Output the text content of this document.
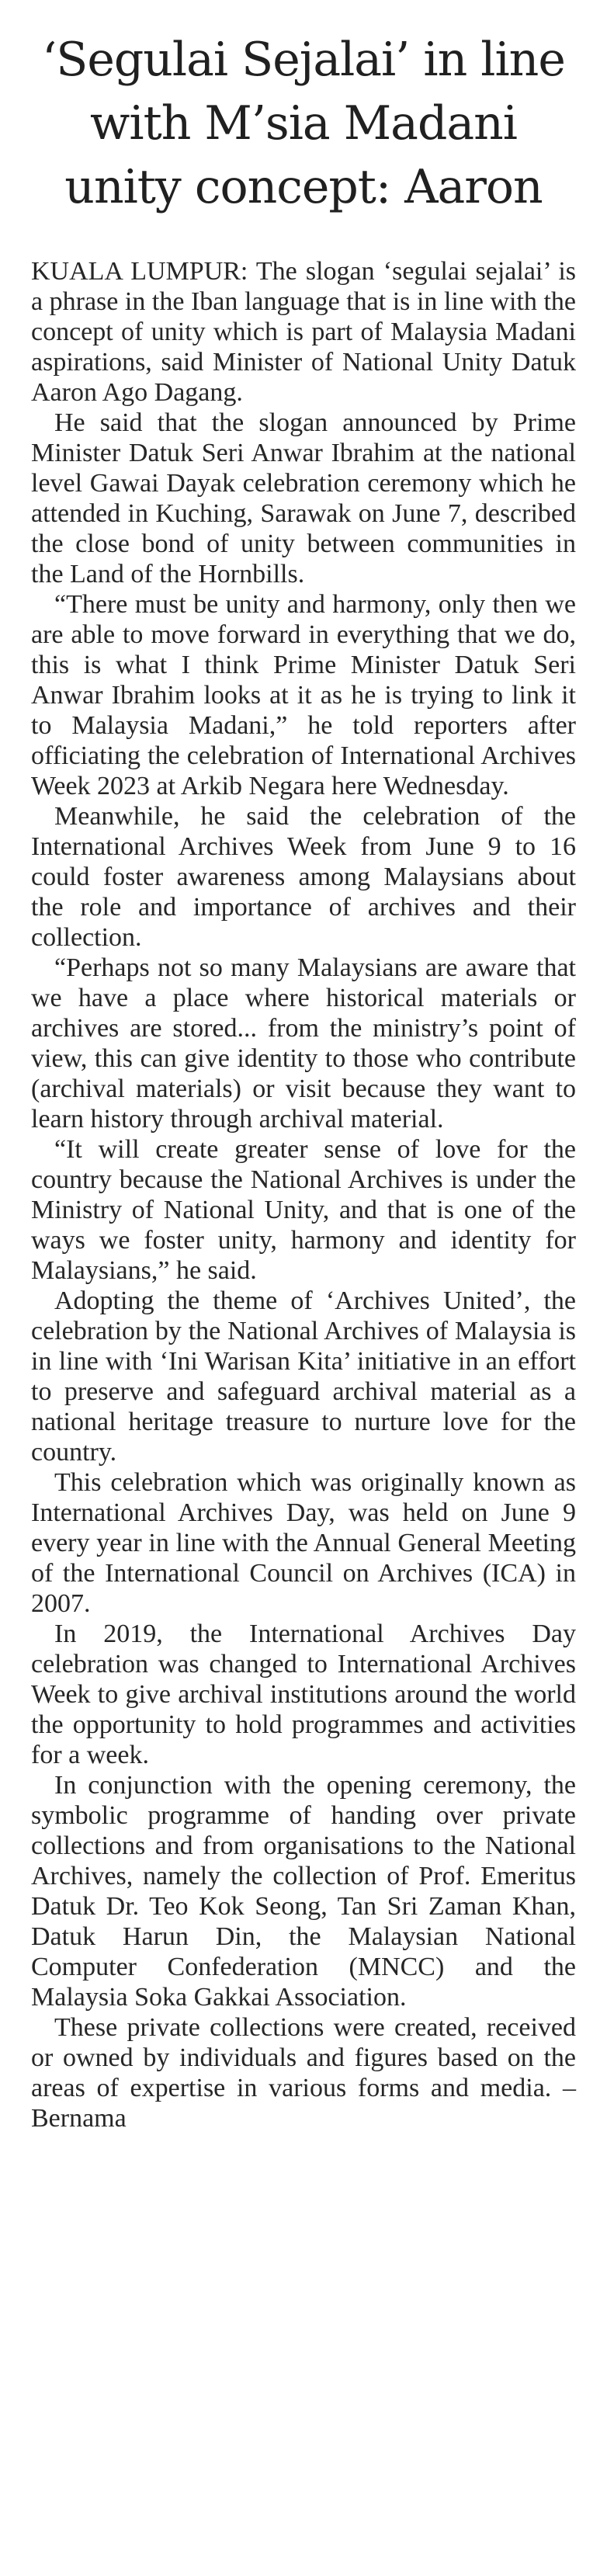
‘Segulai Sejalai’ in line with M’sia Madani unity concept: Aaron

KUALA LUMPUR: The slogan ‘segulai sejalai’ is a phrase in the Iban language that is in line with the concept of unity which is part of Malaysia Madani aspirations, said Minister of National Unity Datuk Aaron Ago Dagang.

He said that the slogan announced by Prime Minister Datuk Seri Anwar Ibrahim at the national level Gawai Dayak celebration ceremony which he attended in Kuching, Sarawak on June 7, described the close bond of unity between communities in the Land of the Hornbills.

“There must be unity and harmony, only then we are able to move forward in everything that we do, this is what I think Prime Minister Datuk Seri Anwar Ibrahim looks at it as he is trying to link it to Malaysia Madani,” he told reporters after officiating the celebration of International Archives Week 2023 at Arkib Negara here Wednesday.

Meanwhile, he said the celebration of the International Archives Week from June 9 to 16 could foster awareness among Malaysians about the role and importance of archives and their collection.

“Perhaps not so many Malaysians are aware that we have a place where historical materials or archives are stored... from the ministry’s point of view, this can give identity to those who contribute (archival materials) or visit because they want to learn history through archival material.

“It will create greater sense of love for the country because the National Archives is under the Ministry of National Unity, and that is one of the ways we foster unity, harmony and identity for Malaysians,” he said.

Adopting the theme of ‘Archives United’, the celebration by the National Archives of Malaysia is in line with ‘Ini Warisan Kita’ initiative in an effort to preserve and safeguard archival material as a national heritage treasure to nurture love for the country.

This celebration which was originally known as International Archives Day, was held on June 9 every year in line with the Annual General Meeting of the International Council on Archives (ICA) in 2007.

In 2019, the International Archives Day celebration was changed to International Archives Week to give archival institutions around the world the opportunity to hold programmes and activities for a week.

In conjunction with the opening ceremony, the symbolic programme of handing over private collections and from organisations to the National Archives, namely the collection of Prof. Emeritus Datuk Dr. Teo Kok Seong, Tan Sri Zaman Khan, Datuk Harun Din, the Malaysian National Computer Confederation (MNCC) and the Malaysia Soka Gakkai Association.

These private collections were created, received or owned by individuals and figures based on the areas of expertise in various forms and media. – Bernama
